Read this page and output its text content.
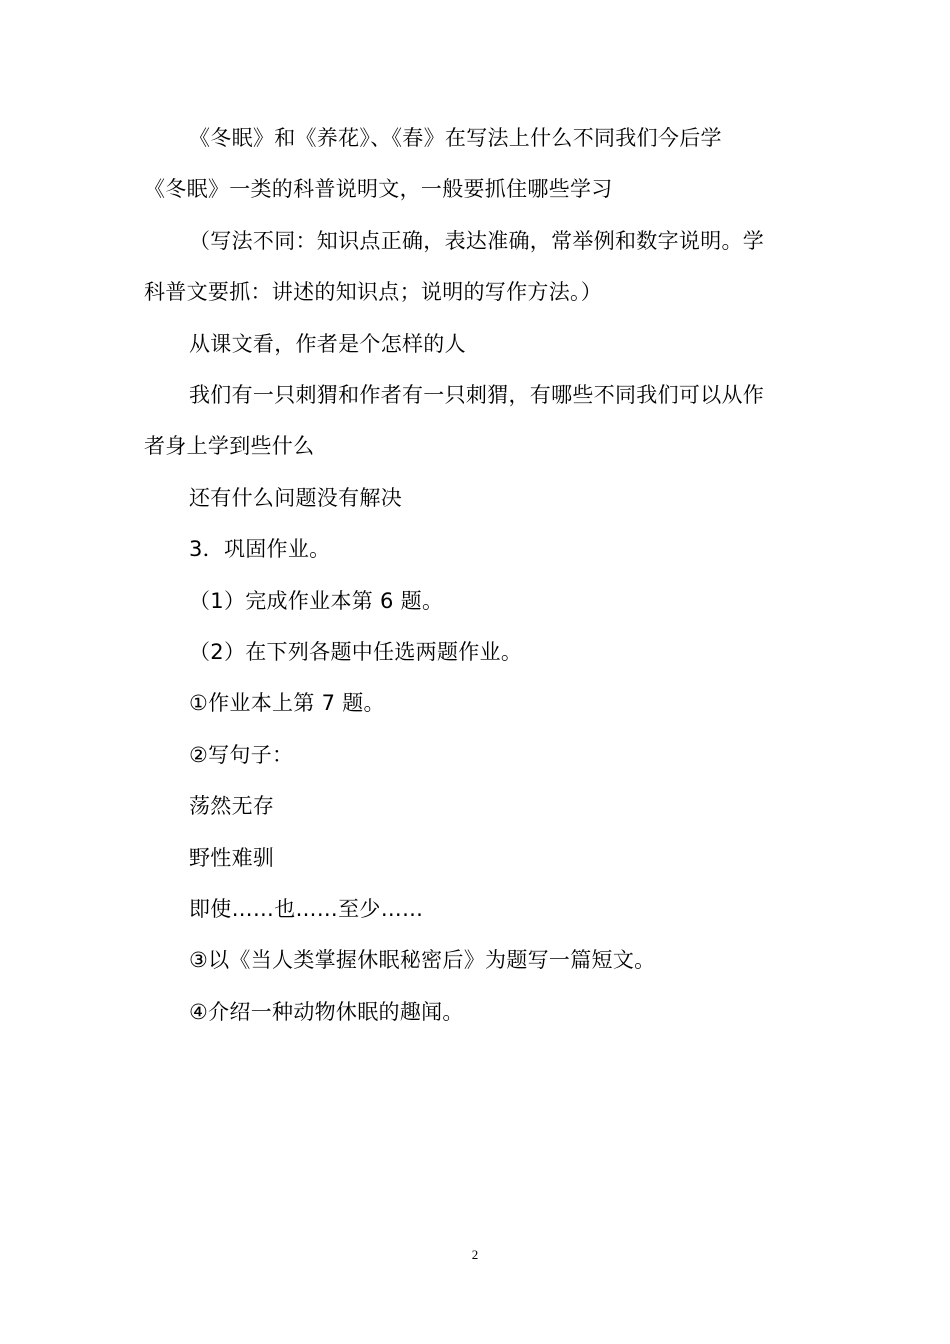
《冬眠》和《养花》、《春》在写法上什么不同我们今后学
《冬眠》一类的科普说明文，一般要抓住哪些学习
（写法不同：知识点正确，表达准确，常举例和数字说明。学
科普文要抓：讲述的知识点；说明的写作方法。）
从课文看，作者是个怎样的人
我们有一只刺猬和作者有一只刺猬，有哪些不同我们可以从作
者身上学到些什么
还有什么问题没有解决
3．巩固作业。
（1）完成作业本第 6 题。
（2）在下列各题中任选两题作业。
①作业本上第 7 题。
②写句子：
荡然无存
野性难驯
即使……也……至少……
③以《当人类掌握休眠秘密后》为题写一篇短文。
④介绍一种动物休眠的趣闻。
2
